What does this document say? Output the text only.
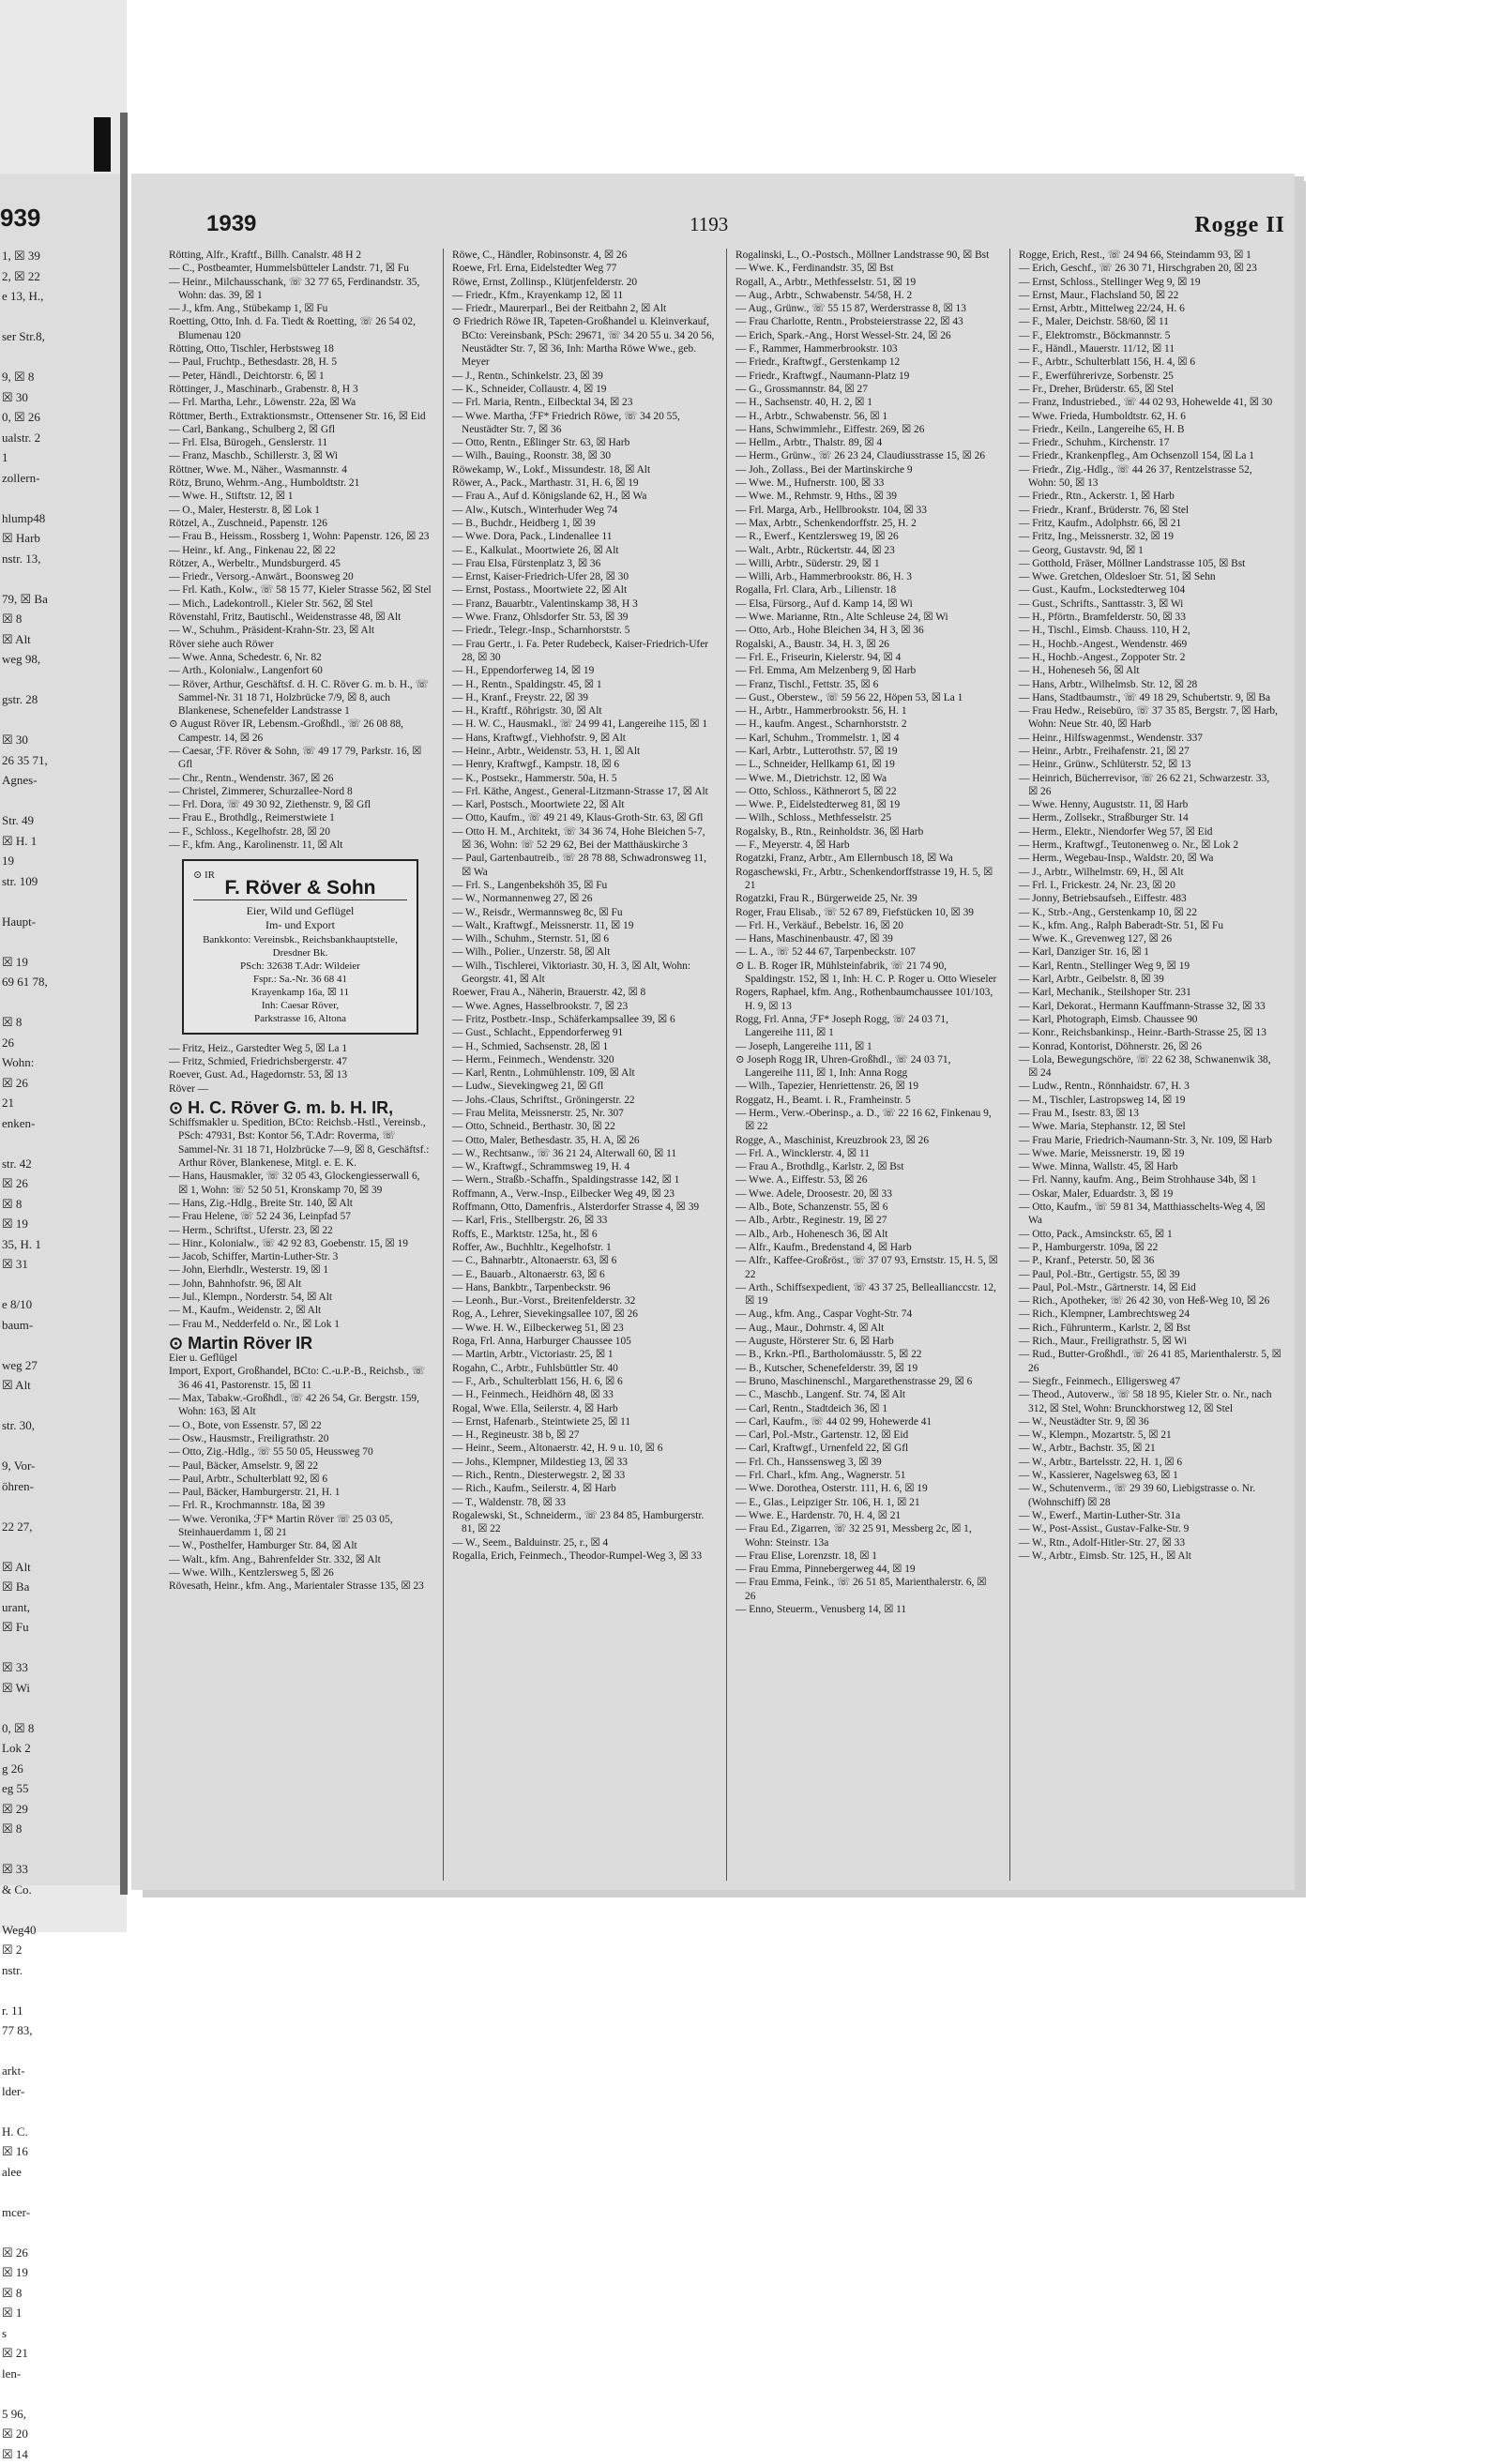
939
1, ☒ 39
2, ☒ 22
e 13, H.,

ser Str.8,

9, ☒ 8
☒ 30
0, ☒ 26
ualstr. 2
1
zollern-

hlump48
☒ Harb
nstr. 13,

79, ☒ Ba
☒ 8
☒ Alt
weg 98,

gstr. 28

☒ 30
26 35 71,
Agnes-

Str. 49
☒ H. 1
19
str. 109

Haupt-

☒ 19
69 61 78,

☒ 8
26
Wohn:
☒ 26
21
enken-

str. 42
☒ 26
☒ 8
☒ 19
35, H. 1
☒ 31

e 8/10
baum-

weg 27
☒ Alt

str. 30,

9, Vor-
öhren-

22 27,

☒ Alt
☒ Ba
urant,
☒ Fu

☒ 33
☒ Wi

0, ☒ 8
Lok 2
g 26
eg 55
☒ 29
☒ 8

☒ 33
& Co.

Weg40
☒ 2
nstr.

r. 11
77 83,

arkt-
lder-

H. C.
☒ 16
alee

mcer-

☒ 26
☒ 19
☒ 8
☒ 1
s
☒ 21
len-

5 96,
☒ 20
☒ 14
1939	1193	Rogge II

Rötting, Alfr., Kraftf., Billh. Canalstr. 48 H 2

— C., Postbeamter, Hummelsbütteler Landstr. 71, ☒ Fu

— Heinr., Milchausschank, ☏ 32 77 65, Ferdinandstr. 35, Wohn: das. 39, ☒ 1

— J., kfm. Ang., Stübekamp 1, ☒ Fu

Roetting, Otto, Inh. d. Fa. Tiedt & Roetting, ☏ 26 54 02, Blumenau 120

Rötting, Otto, Tischler, Herbstsweg 18

— Paul, Fruchtp., Bethesdastr. 28, H. 5

— Peter, Händl., Deichtorstr. 6, ☒ 1

Röttinger, J., Maschinarb., Grabenstr. 8, H 3

— Frl. Martha, Lehr., Löwenstr. 22a, ☒ Wa

Röttmer, Berth., Extraktionsmstr., Ottensener Str. 16, ☒ Eid

— Carl, Bankang., Schulberg 2, ☒ Gfl

— Frl. Elsa, Bürogeh., Genslerstr. 11

— Franz, Maschb., Schillerstr. 3, ☒ Wi

Röttner, Wwe. M., Näher., Wasmannstr. 4

Rötz, Bruno, Wehrm.-Ang., Humboldtstr. 21

— Wwe. H., Stiftstr. 12, ☒ 1

— O., Maler, Hesterstr. 8, ☒ Lok 1

Rötzel, A., Zuschneid., Papenstr. 126

— Frau B., Heissm., Rossberg 1, Wohn: Papenstr. 126, ☒ 23

— Heinr., kf. Ang., Finkenau 22, ☒ 22

Rötzer, A., Werbeltr., Mundsburgerd. 45

— Friedr., Versorg.-Anwärt., Boonsweg 20

— Frl. Kath., Kolw., ☏ 58 15 77, Kieler Strasse 562, ☒ Stel

— Mich., Ladekontroll., Kieler Str. 562, ☒ Stel

Rövenstahl, Fritz, Bautischl., Weidenstrasse 48, ☒ Alt

— W., Schuhm., Präsident-Krahn-Str. 23, ☒ Alt

Röver siehe auch Röwer

— Wwe. Anna, Schedestr. 6, Nr. 82

— Arth., Kolonialw., Langenfort 60

— Röver, Arthur, Geschäftsf. d. H. C. Röver G. m. b. H., ☏ Sammel-Nr. 31 18 71, Holzbrücke 7/9, ☒ 8, auch Blankenese, Schenefelder Landstrasse 1

⊙ August Röver IR, Lebensm.-Großhdl., ☏ 26 08 88, Campestr. 14, ☒ 26

— Caesar, ℱF. Röver & Sohn, ☏ 49 17 79, Parkstr. 16, ☒ Gfl

— Chr., Rentn., Wendenstr. 367, ☒ 26

— Christel, Zimmerer, Schurzallee-Nord 8

— Frl. Dora, ☏ 49 30 92, Ziethenstr. 9, ☒ Gfl

— Frau E., Brothdlg., Reimerstwiete 1

— F., Schloss., Kegelhofstr. 28, ☒ 20

— F., kfm. Ang., Karolinenstr. 11, ☒ Alt

⊙ IR
F. Röver & Sohn
Eier, Wild und Geflügel
Im- und Export
Bankkonto: Vereinsbk., Reichsbankhauptstelle, Dresdner Bk.
PSch: 32638 T.Adr: Wildeier
Fspr.: Sa.-Nr. 36 68 41
Krayenkamp 16a, ☒ 11
Inh: Caesar Röver,
Parkstrasse 16, Altona

— Fritz, Heiz., Garstedter Weg 5, ☒ La 1

— Fritz, Schmied, Friedrichsbergerstr. 47

Roever, Gust. Ad., Hagedornstr. 53, ☒ 13

Röver —

⊙ H. C. Röver G. m. b. H. IR,

Schiffsmakler u. Spedition, BCto: Reichsb.-Hstl., Vereinsb., PSch: 47931, Bst: Kontor 56, T.Adr: Roverma, ☏ Sammel-Nr. 31 18 71, Holzbrücke 7—9, ☒ 8, Geschäftsf.: Arthur Röver, Blankenese, Mitgl. e. E. K.

— Hans, Hausmakler, ☏ 32 05 43, Glockengiesserwall 6, ☒ 1, Wohn: ☏ 52 50 51, Kronskamp 70, ☒ 39

— Hans, Zig.-Hdlg., Breite Str. 140, ☒ Alt

— Frau Helene, ☏ 52 24 36, Leinpfad 57

— Herm., Schriftst., Uferstr. 23, ☒ 22

— Hinr., Kolonialw., ☏ 42 92 83, Goebenstr. 15, ☒ 19

— Jacob, Schiffer, Martin-Luther-Str. 3

— John, Eierhdlr., Westerstr. 19, ☒ 1

— John, Bahnhofstr. 96, ☒ Alt

— Jul., Klempn., Norderstr. 54, ☒ Alt

— M., Kaufm., Weidenstr. 2, ☒ Alt

— Frau M., Nedderfeld o. Nr., ☒ Lok 1

⊙ Martin Röver IR

Eier u. Geflügel

Import, Export, Großhandel, BCto: C.-u.P.-B., Reichsb., ☏ 36 46 41, Pastorenstr. 15, ☒ 11

— Max, Tabakw.-Großhdl., ☏ 42 26 54, Gr. Bergstr. 159, Wohn: 163, ☒ Alt

— O., Bote, von Essenstr. 57, ☒ 22

— Osw., Hausmstr., Freiligrathstr. 20

— Otto, Zig.-Hdlg., ☏ 55 50 05, Heussweg 70

— Paul, Bäcker, Amselstr. 9, ☒ 22

— Paul, Arbtr., Schulterblatt 92, ☒ 6

— Paul, Bäcker, Hamburgerstr. 21, H. 1

— Frl. R., Krochmannstr. 18a, ☒ 39

— Wwe. Veronika, ℱF* Martin Röver ☏ 25 03 05, Steinhauerdamm 1, ☒ 21

— W., Posthelfer, Hamburger Str. 84, ☒ Alt

— Walt., kfm. Ang., Bahrenfelder Str. 332, ☒ Alt

— Wwe. Wilh., Kentzlersweg 5, ☒ 26

Rövesath, Heinr., kfm. Ang., Marientaler Strasse 135, ☒ 23

Röwe, C., Händler, Robinsonstr. 4, ☒ 26

Roewe, Frl. Erna, Eidelstedter Weg 77

Röwe, Ernst, Zollinsp., Klütjenfelderstr. 20

— Friedr., Kfm., Krayenkamp 12, ☒ 11

— Friedr., Maurerparl., Bei der Reitbahn 2, ☒ Alt

⊙ Friedrich Röwe IR, Tapeten-Großhandel u. Kleinverkauf, BCto: Vereinsbank, PSch: 29671, ☏ 34 20 55 u. 34 20 56, Neustädter Str. 7, ☒ 36, Inh: Martha Röwe Wwe., geb. Meyer

— J., Rentn., Schinkelstr. 23, ☒ 39

— K., Schneider, Collaustr. 4, ☒ 19

— Frl. Maria, Rentn., Eilbecktal 34, ☒ 23

— Wwe. Martha, ℱF* Friedrich Röwe, ☏ 34 20 55, Neustädter Str. 7, ☒ 36

— Otto, Rentn., Eßlinger Str. 63, ☒ Harb

— Wilh., Bauing., Roonstr. 38, ☒ 30

Röwekamp, W., Lokf., Missundestr. 18, ☒ Alt

Röwer, A., Pack., Marthastr. 31, H. 6, ☒ 19

— Frau A., Auf d. Königslande 62, H., ☒ Wa

— Alw., Kutsch., Winterhuder Weg 74

— B., Buchdr., Heidberg 1, ☒ 39

— Wwe. Dora, Pack., Lindenallee 11

— E., Kalkulat., Moortwiete 26, ☒ Alt

— Frau Elsa, Fürstenplatz 3, ☒ 36

— Ernst, Kaiser-Friedrich-Ufer 28, ☒ 30

— Ernst, Postass., Moortwiete 22, ☒ Alt

— Franz, Bauarbtr., Valentinskamp 38, H 3

— Wwe. Franz, Ohlsdorfer Str. 53, ☒ 39

— Friedr., Telegr.-Insp., Scharnhorststr. 5

— Frau Gertr., i. Fa. Peter Rudebeck, Kaiser-Friedrich-Ufer 28, ☒ 30

— H., Eppendorferweg 14, ☒ 19

— H., Rentn., Spaldingstr. 45, ☒ 1

— H., Kranf., Freystr. 22, ☒ 39

— H., Kraftf., Röhrigstr. 30, ☒ Alt

— H. W. C., Hausmakl., ☏ 24 99 41, Langereihe 115, ☒ 1

— Hans, Kraftwgf., Viehhofstr. 9, ☒ Alt

— Heinr., Arbtr., Weidenstr. 53, H. 1, ☒ Alt

— Henry, Kraftwgf., Kampstr. 18, ☒ 6

— K., Postsekr., Hammerstr. 50a, H. 5

— Frl. Käthe, Angest., General-Litzmann-Strasse 17, ☒ Alt

— Karl, Postsch., Moortwiete 22, ☒ Alt

— Otto, Kaufm., ☏ 49 21 49, Klaus-Groth-Str. 63, ☒ Gfl

— Otto H. M., Architekt, ☏ 34 36 74, Hohe Bleichen 5-7, ☒ 36, Wohn: ☏ 52 29 62, Bei der Matthäuskirche 3

— Paul, Gartenbautreib., ☏ 28 78 88, Schwadronsweg 11, ☒ Wa

— Frl. S., Langenbekshöh 35, ☒ Fu

— W., Normannenweg 27, ☒ 26

— W., Reisdr., Wermannsweg 8c, ☒ Fu

— Walt., Kraftwgf., Meissnerstr. 11, ☒ 19

— Wilh., Schuhm., Sternstr. 51, ☒ 6

— Wilh., Polier., Unzerstr. 58, ☒ Alt

— Wilh., Tischlerei, Viktoriastr. 30, H. 3, ☒ Alt, Wohn: Georgstr. 41, ☒ Alt

Roewer, Frau A., Näherin, Brauerstr. 42, ☒ 8

— Wwe. Agnes, Hasselbrookstr. 7, ☒ 23

— Fritz, Postbetr.-Insp., Schäferkampsallee 39, ☒ 6

— Gust., Schlacht., Eppendorferweg 91

— H., Schmied, Sachsenstr. 28, ☒ 1

— Herm., Feinmech., Wendenstr. 320

— Karl, Rentn., Lohmühlenstr. 109, ☒ Alt

— Ludw., Sievekingweg 21, ☒ Gfl

— Johs.-Claus, Schriftst., Gröningerstr. 22

— Frau Melita, Meissnerstr. 25, Nr. 307

— Otto, Schneid., Berthastr. 30, ☒ 22

— Otto, Maler, Bethesdastr. 35, H. A, ☒ 26

— W., Rechtsanw., ☏ 36 21 24, Alterwall 60, ☒ 11

— W., Kraftwgf., Schrammsweg 19, H. 4

— Wern., Straßb.-Schaffn., Spaldingstrasse 142, ☒ 1

Roffmann, A., Verw.-Insp., Eilbecker Weg 49, ☒ 23

Roffmann, Otto, Damenfris., Alsterdorfer Strasse 4, ☒ 39

— Karl, Fris., Stellbergstr. 26, ☒ 33

Roffs, E., Marktstr. 125a, ht., ☒ 6

Roffer, Aw., Buchhltr., Kegelhofstr. 1

— C., Bahnarbtr., Altonaerstr. 63, ☒ 6

— E., Bauarb., Altonaerstr. 63, ☒ 6

— Hans, Bankbtr., Tarpenbeckstr. 96

— Leonh., Bur.-Vorst., Breitenfelderstr. 32

Rog, A., Lehrer, Sievekingsallee 107, ☒ 26

— Wwe. H. W., Eilbeckerweg 51, ☒ 23

Roga, Frl. Anna, Harburger Chaussee 105

— Martin, Arbtr., Victoriastr. 25, ☒ 1

Rogahn, C., Arbtr., Fuhlsbüttler Str. 40

— F., Arb., Schulterblatt 156, H. 6, ☒ 6

— H., Feinmech., Heidhörn 48, ☒ 33

Rogal, Wwe. Ella, Seilerstr. 4, ☒ Harb

— Ernst, Hafenarb., Steintwiete 25, ☒ 11

— H., Regineustr. 38 b, ☒ 27

— Heinr., Seem., Altonaerstr. 42, H. 9 u. 10, ☒ 6

— Johs., Klempner, Mildestieg 13, ☒ 33

— Rich., Rentn., Diesterwegstr. 2, ☒ 33

— Rich., Kaufm., Seilerstr. 4, ☒ Harb

— T., Waldenstr. 78, ☒ 33

Rogalewski, St., Schneiderm., ☏ 23 84 85, Hamburgerstr. 81, ☒ 22

— W., Seem., Balduinstr. 25, r., ☒ 4

Rogalla, Erich, Feinmech., Theodor-Rumpel-Weg 3, ☒ 33

Rogalinski, L., O.-Postsch., Möllner Landstrasse 90, ☒ Bst

— Wwe. K., Ferdinandstr. 35, ☒ Bst

Rogall, A., Arbtr., Methfesselstr. 51, ☒ 19

— Aug., Arbtr., Schwabenstr. 54/58, H. 2

— Aug., Grünw., ☏ 55 15 87, Werderstrasse 8, ☒ 13

— Frau Charlotte, Rentn., Probsteierstrasse 22, ☒ 43

— Erich, Spark.-Ang., Horst Wessel-Str. 24, ☒ 26

— F., Rammer, Hammerbrookstr. 103

— Friedr., Kraftwgf., Gerstenkamp 12

— Friedr., Kraftwgf., Naumann-Platz 19

— G., Grossmannstr. 84, ☒ 27

— H., Sachsenstr. 40, H. 2, ☒ 1

— H., Arbtr., Schwabenstr. 56, ☒ 1

— Hans, Schwimmlehr., Eiffestr. 269, ☒ 26

— Hellm., Arbtr., Thalstr. 89, ☒ 4

— Herm., Grünw., ☏ 26 23 24, Claudiusstrasse 15, ☒ 26

— Joh., Zollass., Bei der Martinskirche 9

— Wwe. M., Hufnerstr. 100, ☒ 33

— Wwe. M., Rehmstr. 9, Hths., ☒ 39

— Frl. Marga, Arb., Hellbrookstr. 104, ☒ 33

— Max, Arbtr., Schenkendorffstr. 25, H. 2

— R., Ewerf., Kentzlersweg 19, ☒ 26

— Walt., Arbtr., Rückertstr. 44, ☒ 23

— Willi, Arbtr., Süderstr. 29, ☒ 1

— Willi, Arb., Hammerbrookstr. 86, H. 3

Rogalla, Frl. Clara, Arb., Lilienstr. 18

— Elsa, Fürsorg., Auf d. Kamp 14, ☒ Wi

— Wwe. Marianne, Rtn., Alte Schleuse 24, ☒ Wi

— Otto, Arb., Hohe Bleichen 34, H 3, ☒ 36

Rogalski, A., Baustr. 34, H. 3, ☒ 26

— Frl. E., Friseurin, Kielerstr. 94, ☒ 4

— Frl. Emma, Am Melzenberg 9, ☒ Harb

— Franz, Tischl., Fettstr. 35, ☒ 6

— Gust., Oberstew., ☏ 59 56 22, Höpen 53, ☒ La 1

— H., Arbtr., Hammerbrookstr. 56, H. 1

— H., kaufm. Angest., Scharnhorststr. 2

— Karl, Schuhm., Trommelstr. 1, ☒ 4

— Karl, Arbtr., Lutterothstr. 57, ☒ 19

— L., Schneider, Hellkamp 61, ☒ 19

— Wwe. M., Dietrichstr. 12, ☒ Wa

— Otto, Schloss., Käthnerort 5, ☒ 22

— Wwe. P., Eidelstedterweg 81, ☒ 19

— Wilh., Schloss., Methfesselstr. 25

Rogalsky, B., Rtn., Reinholdstr. 36, ☒ Harb

— F., Meyerstr. 4, ☒ Harb

Rogatzki, Franz, Arbtr., Am Ellernbusch 18, ☒ Wa

Rogaschewski, Fr., Arbtr., Schenkendorffstrasse 19, H. 5, ☒ 21

Rogatzki, Frau R., Bürgerweide 25, Nr. 39

Roger, Frau Elisab., ☏ 52 67 89, Fiefstücken 10, ☒ 39

— Frl. H., Verkäuf., Bebelstr. 16, ☒ 20

— Hans, Maschinenbaustr. 47, ☒ 39

— L. A., ☏ 52 44 67, Tarpenbeckstr. 107

⊙ L. B. Roger IR, Mühlsteinfabrik, ☏ 21 74 90, Spaldingstr. 152, ☒ 1, Inh: H. C. P. Roger u. Otto Wieseler

Rogers, Raphael, kfm. Ang., Rothenbaumchaussee 101/103, H. 9, ☒ 13

Rogg, Frl. Anna, ℱF* Joseph Rogg, ☏ 24 03 71, Langereihe 111, ☒ 1

— Joseph, Langereihe 111, ☒ 1

⊙ Joseph Rogg IR, Uhren-Großhdl., ☏ 24 03 71, Langereihe 111, ☒ 1, Inh: Anna Rogg

— Wilh., Tapezier, Henriettenstr. 26, ☒ 19

Roggatz, H., Beamt. i. R., Framheinstr. 5

— Herm., Verw.-Oberinsp., a. D., ☏ 22 16 62, Finkenau 9, ☒ 22

Rogge, A., Maschinist, Kreuzbrook 23, ☒ 26

— Frl. A., Wincklerstr. 4, ☒ 11

— Frau A., Brothdlg., Karlstr. 2, ☒ Bst

— Wwe. A., Eiffestr. 53, ☒ 26

— Wwe. Adele, Droosestr. 20, ☒ 33

— Alb., Bote, Schanzenstr. 55, ☒ 6

— Alb., Arbtr., Reginestr. 19, ☒ 27

— Alb., Arb., Hohenesch 36, ☒ Alt

— Alfr., Kaufm., Bredenstand 4, ☒ Harb

— Alfr., Kaffee-Großröst., ☏ 37 07 93, Ernststr. 15, H. 5, ☒ 22

— Arth., Schiffsexpedient, ☏ 43 37 25, Belleallianccstr. 12, ☒ 19

— Aug., kfm. Ang., Caspar Voght-Str. 74

— Aug., Maur., Dohrnstr. 4, ☒ Alt

— Auguste, Hörsterer Str. 6, ☒ Harb

— B., Krkn.-Pfl., Bartholomäusstr. 5, ☒ 22

— B., Kutscher, Schenefelderstr. 39, ☒ 19

— Bruno, Maschinenschl., Margarethenstrasse 29, ☒ 6

— C., Maschb., Langenf. Str. 74, ☒ Alt

— Carl, Rentn., Stadtdeich 36, ☒ 1

— Carl, Kaufm., ☏ 44 02 99, Hohewerde 41

— Carl, Pol.-Mstr., Gartenstr. 12, ☒ Eid

— Carl, Kraftwgf., Urnenfeld 22, ☒ Gfl

— Frl. Ch., Hanssensweg 3, ☒ 39

— Frl. Charl., kfm. Ang., Wagnerstr. 51

— Wwe. Dorothea, Osterstr. 111, H. 6, ☒ 19

— E., Glas., Leipziger Str. 106, H. 1, ☒ 21

— Wwe. E., Hardenstr. 70, H. 4, ☒ 21

— Frau Ed., Zigarren, ☏ 32 25 91, Messberg 2c, ☒ 1, Wohn: Steinstr. 13a

— Frau Elise, Lorenzstr. 18, ☒ 1

— Frau Emma, Pinnebergerweg 44, ☒ 19

— Frau Emma, Feink., ☏ 26 51 85, Marienthalerstr. 6, ☒ 26

— Enno, Steuerm., Venusberg 14, ☒ 11

Rogge, Erich, Rest., ☏ 24 94 66, Steindamm 93, ☒ 1

— Erich, Geschf., ☏ 26 30 71, Hirschgraben 20, ☒ 23

— Ernst, Schloss., Stellinger Weg 9, ☒ 19

— Ernst, Maur., Flachsland 50, ☒ 22

— Ernst, Arbtr., Mittelweg 22/24, H. 6

— F., Maler, Deichstr. 58/60, ☒ 11

— F., Elektromstr., Böckmannstr. 5

— F., Händl., Mauerstr. 11/12, ☒ 11

— F., Arbtr., Schulterblatt 156, H. 4, ☒ 6

— F., Ewerführerivze, Sorbenstr. 25

— Fr., Dreher, Brüderstr. 65, ☒ Stel

— Franz, Industriebed., ☏ 44 02 93, Hohewelde 41, ☒ 30

— Wwe. Frieda, Humboldtstr. 62, H. 6

— Friedr., Keiln., Langereihe 65, H. B

— Friedr., Schuhm., Kirchenstr. 17

— Friedr., Krankenpfleg., Am Ochsenzoll 154, ☒ La 1

— Friedr., Zig.-Hdlg., ☏ 44 26 37, Rentzelstrasse 52, Wohn: 50, ☒ 13

— Friedr., Rtn., Ackerstr. 1, ☒ Harb

— Friedr., Kranf., Brüderstr. 76, ☒ Stel

— Fritz, Kaufm., Adolphstr. 66, ☒ 21

— Fritz, Ing., Meissnerstr. 32, ☒ 19

— Georg, Gustavstr. 9d, ☒ 1

— Gotthold, Fräser, Möllner Landstrasse 105, ☒ Bst

— Wwe. Gretchen, Oldesloer Str. 51, ☒ Sehn

— Gust., Kaufm., Lockstedterweg 104

— Gust., Schrifts., Santtasstr. 3, ☒ Wi

— H., Pförtn., Bramfelderstr. 50, ☒ 33

— H., Tischl., Eimsb. Chauss. 110, H 2,

— H., Hochb.-Angest., Wendenstr. 469

— H., Hochb.-Angest., Zoppoter Str. 2

— H., Hoheneseh 56, ☒ Alt

— Hans, Arbtr., Wilhelmsb. Str. 12, ☒ 28

— Hans, Stadtbaumstr., ☏ 49 18 29, Schubertstr. 9, ☒ Ba

— Frau Hedw., Reisebüro, ☏ 37 35 85, Bergstr. 7, ☒ Harb, Wohn: Neue Str. 40, ☒ Harb

— Heinr., Hilfswagenmst., Wendenstr. 337

— Heinr., Arbtr., Freihafenstr. 21, ☒ 27

— Heinr., Grünw., Schlüterstr. 52, ☒ 13

— Heinrich, Bücherrevisor, ☏ 26 62 21, Schwarzestr. 33, ☒ 26

— Wwe. Henny, Auguststr. 11, ☒ Harb

— Herm., Zollsekr., Straßburger Str. 14

— Herm., Elektr., Niendorfer Weg 57, ☒ Eid

— Herm., Kraftwgf., Teutonenweg o. Nr., ☒ Lok 2

— Herm., Wegebau-Insp., Waldstr. 20, ☒ Wa

— J., Arbtr., Wilhelmstr. 69, H., ☒ Alt

— Frl. I., Frickestr. 24, Nr. 23, ☒ 20

— Jonny, Betriebsaufseh., Eiffestr. 483

— K., Strb.-Ang., Gerstenkamp 10, ☒ 22

— K., kfm. Ang., Ralph Baberadt-Str. 51, ☒ Fu

— Wwe. K., Grevenweg 127, ☒ 26

— Karl, Danziger Str. 16, ☒ 1

— Karl, Rentn., Stellinger Weg 9, ☒ 19

— Karl, Arbtr., Geibelstr. 8, ☒ 39

— Karl, Mechanik., Steilshoper Str. 231

— Karl, Dekorat., Hermann Kauffmann-Strasse 32, ☒ 33

— Karl, Photograph, Eimsb. Chaussee 90

— Konr., Reichsbankinsp., Heinr.-Barth-Strasse 25, ☒ 13

— Konrad, Kontorist, Döhnerstr. 26, ☒ 26

— Lola, Bewegungschöre, ☏ 22 62 38, Schwanenwik 38, ☒ 24

— Ludw., Rentn., Rönnhaidstr. 67, H. 3

— M., Tischler, Lastropsweg 14, ☒ 19

— Frau M., Isestr. 83, ☒ 13

— Wwe. Maria, Stephanstr. 12, ☒ Stel

— Frau Marie, Friedrich-Naumann-Str. 3, Nr. 109, ☒ Harb

— Wwe. Marie, Meissnerstr. 19, ☒ 19

— Wwe. Minna, Wallstr. 45, ☒ Harb

— Frl. Nanny, kaufm. Ang., Beim Strohhause 34b, ☒ 1

— Oskar, Maler, Eduardstr. 3, ☒ 19

— Otto, Kaufm., ☏ 59 81 34, Matthiasschelts-Weg 4, ☒ Wa

— Otto, Pack., Amsinckstr. 65, ☒ 1

— P., Hamburgerstr. 109a, ☒ 22

— P., Kranf., Peterstr. 50, ☒ 36

— Paul, Pol.-Btr., Gertigstr. 55, ☒ 39

— Paul, Pol.-Mstr., Gärtnerstr. 14, ☒ Eid

— Rich., Apotheker, ☏ 26 42 30, von Heß-Weg 10, ☒ 26

— Rich., Klempner, Lambrechtsweg 24

— Rich., Führunterm., Karlstr. 2, ☒ Bst

— Rich., Maur., Freiligrathstr. 5, ☒ Wi

— Rud., Butter-Großhdl., ☏ 26 41 85, Marienthalerstr. 5, ☒ 26

— Siegfr., Feinmech., Elligersweg 47

— Theod., Autoverw., ☏ 58 18 95, Kieler Str. o. Nr., nach 312, ☒ Stel, Wohn: Brunckhorstweg 12, ☒ Stel

— W., Neustädter Str. 9, ☒ 36

— W., Klempn., Mozartstr. 5, ☒ 21

— W., Arbtr., Bachstr. 35, ☒ 21

— W., Arbtr., Bartelsstr. 22, H. 1, ☒ 6

— W., Kassierer, Nagelsweg 63, ☒ 1

— W., Schutenverm., ☏ 29 39 60, Liebigstrasse o. Nr. (Wohnschiff) ☒ 28

— W., Ewerf., Martin-Luther-Str. 31a

— W., Post-Assist., Gustav-Falke-Str. 9

— W., Rtn., Adolf-Hitler-Str. 27, ☒ 33

— W., Arbtr., Eimsb. Str. 125, H., ☒ Alt
